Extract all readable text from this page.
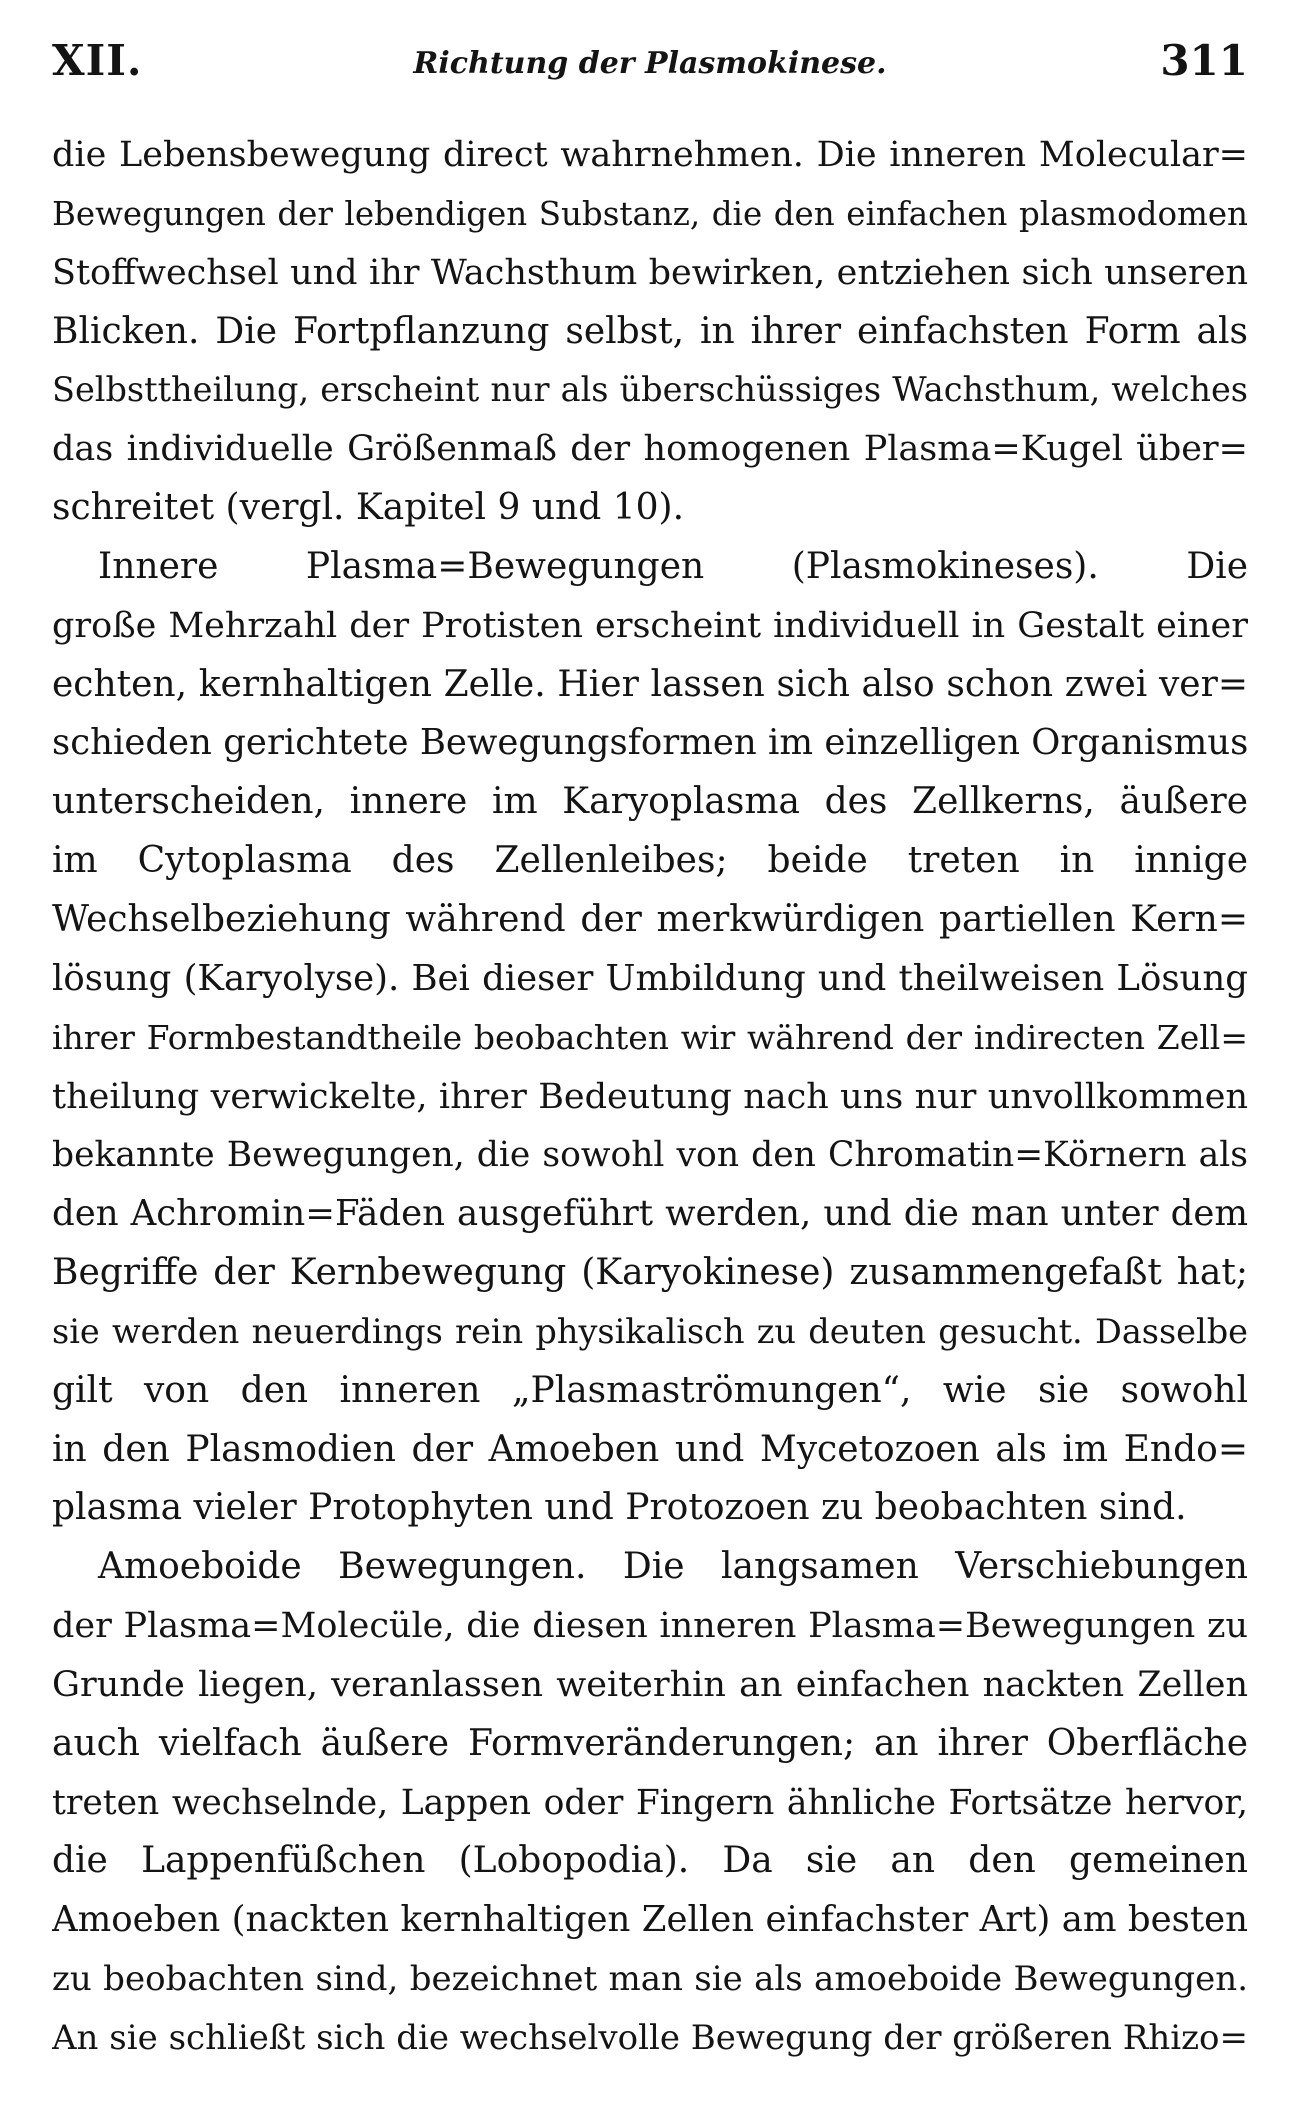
XII.	Richtung der Plasmokinese.	311
die Lebensbewegung direct wahrnehmen. Die inneren Molecular=
Bewegungen der lebendigen Substanz, die den einfachen plasmodomen
Stoffwechsel und ihr Wachsthum bewirken, entziehen sich unseren
Blicken. Die Fortpflanzung selbst, in ihrer einfachsten Form als
Selbsttheilung, erscheint nur als überschüssiges Wachsthum, welches
das individuelle Größenmaß der homogenen Plasma=Kugel über=
schreitet (vergl. Kapitel 9 und 10).
Innere Plasma=Bewegungen (Plasmokineses). Die
große Mehrzahl der Protisten erscheint individuell in Gestalt einer
echten, kernhaltigen Zelle. Hier lassen sich also schon zwei ver=
schieden gerichtete Bewegungsformen im einzelligen Organismus
unterscheiden, innere im Karyoplasma des Zellkerns, äußere
im Cytoplasma des Zellenleibes; beide treten in innige
Wechselbeziehung während der merkwürdigen partiellen Kern=
lösung (Karyolyse). Bei dieser Umbildung und theilweisen Lösung
ihrer Formbestandtheile beobachten wir während der indirecten Zell=
theilung verwickelte, ihrer Bedeutung nach uns nur unvollkommen
bekannte Bewegungen, die sowohl von den Chromatin=Körnern als
den Achromin=Fäden ausgeführt werden, und die man unter dem
Begriffe der Kernbewegung (Karyokinese) zusammengefaßt hat;
sie werden neuerdings rein physikalisch zu deuten gesucht. Dasselbe
gilt von den inneren „Plasmaströmungen“, wie sie sowohl
in den Plasmodien der Amoeben und Mycetozoen als im Endo=
plasma vieler Protophyten und Protozoen zu beobachten sind.
Amoeboide Bewegungen. Die langsamen Verschiebungen
der Plasma=Molecüle, die diesen inneren Plasma=Bewegungen zu
Grunde liegen, veranlassen weiterhin an einfachen nackten Zellen
auch vielfach äußere Formveränderungen; an ihrer Oberfläche
treten wechselnde, Lappen oder Fingern ähnliche Fortsätze hervor,
die Lappenfüßchen (Lobopodia). Da sie an den gemeinen
Amoeben (nackten kernhaltigen Zellen einfachster Art) am besten
zu beobachten sind, bezeichnet man sie als amoeboide Bewegungen.
An sie schließt sich die wechselvolle Bewegung der größeren Rhizo=
